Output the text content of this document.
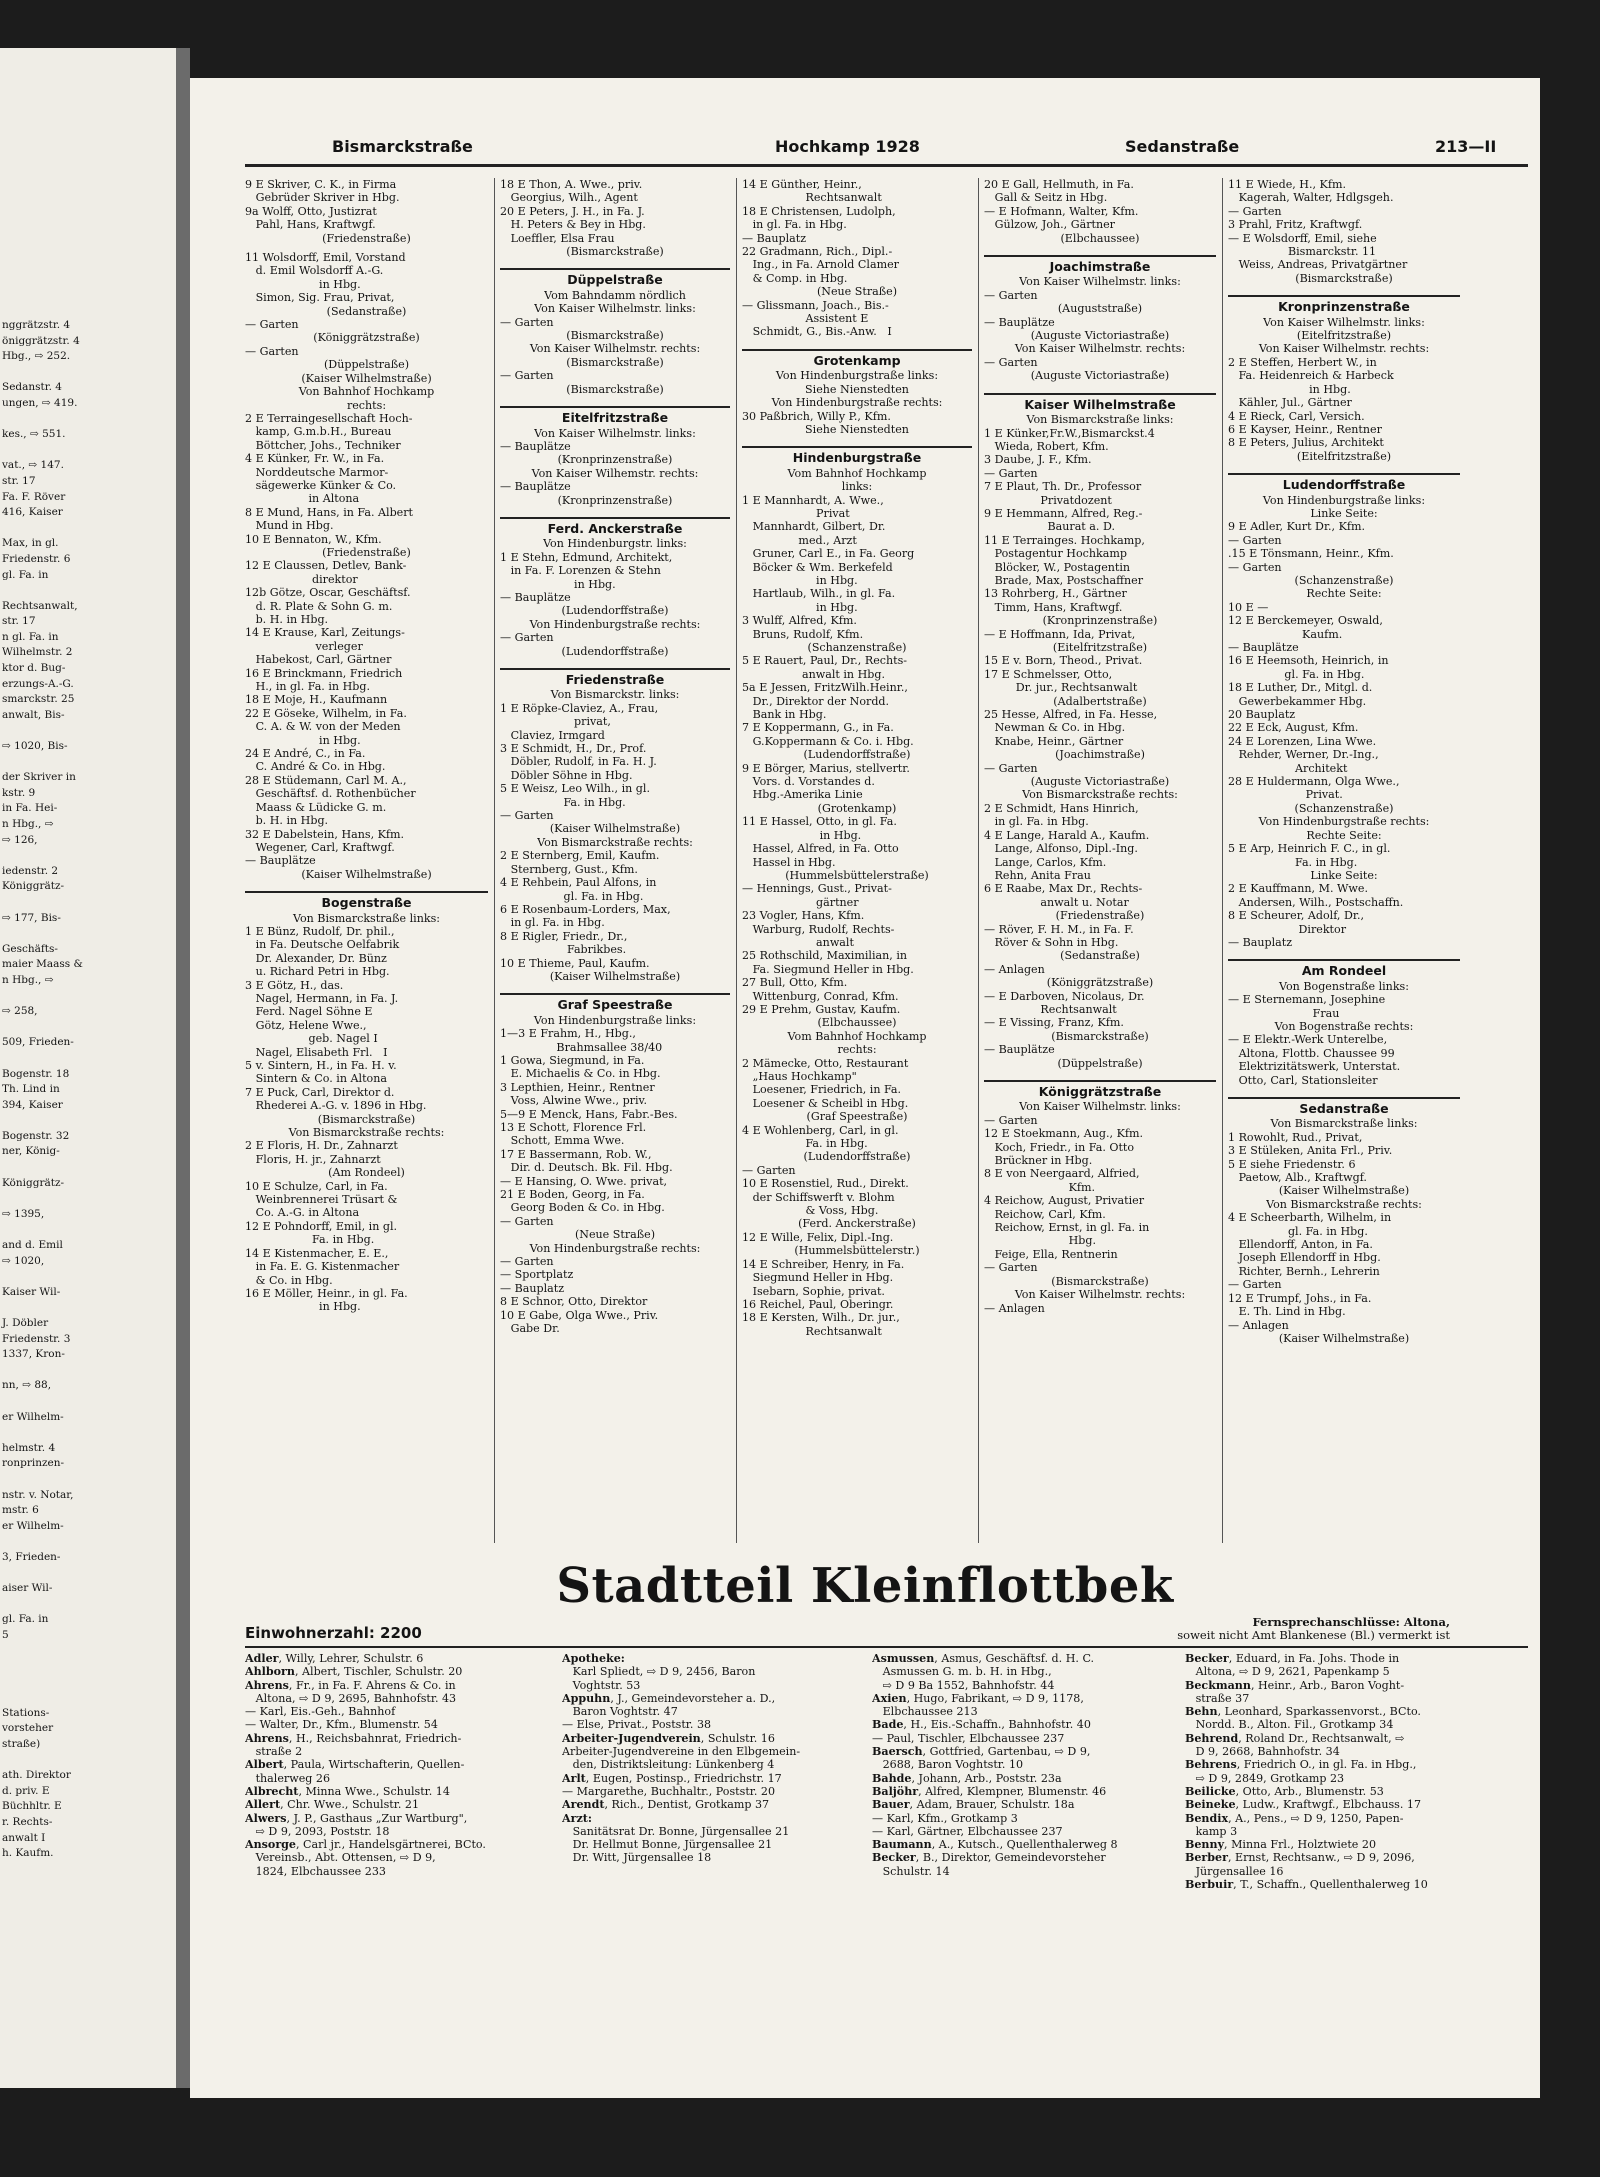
nggrätzstr. 4
öniggrätzstr. 4
Hbg., ⇨ 252.

Sedanstr. 4
ungen, ⇨ 419.

kes., ⇨ 551.

vat., ⇨ 147.
str. 17
Fa. F. Röver
416, Kaiser

Max, in gl.
Friedenstr. 6
gl. Fa. in

Rechtsanwalt,
str. 17
n gl. Fa. in
Wilhelmstr. 2
ktor d. Bug-
erzungs-A.-G.
smarckstr. 25
anwalt, Bis-

⇨ 1020, Bis-

der Skriver in
kstr. 9
in Fa. Hei-
n Hbg., ⇨
⇨ 126,

iedenstr. 2
Königgrätz-

⇨ 177, Bis-

Geschäfts-
maier Maass &
n Hbg., ⇨

⇨ 258,

509, Frieden-

Bogenstr. 18
Th. Lind in
394, Kaiser

Bogenstr. 32
ner, König-

Königgrätz-

⇨ 1395,

and d. Emil
⇨ 1020,

Kaiser Wil-

J. Döbler
Friedenstr. 3
1337, Kron-

nn, ⇨ 88,

er Wilhelm-

helmstr. 4
ronprinzen-

nstr. v. Notar,
mstr. 6
er Wilhelm-

3, Frieden-

aiser Wil-

gl. Fa. in
5

Stations-
vorsteher
straße)

ath. Direktor
d. priv. E
Büchhltr. E
r. Rechts-
anwalt I
h. Kaufm.
Bismarckstraße	Hochkamp 1928	Sedanstraße	213—II
9 E Skriver, C. K., in Firma
Gebrüder Skriver in Hbg.
9a Wolff, Otto, Justizrat
Pahl, Hans, Kraftwgf.
(Friedenstraße)

11 Wolsdorff, Emil, Vorstand
d. Emil Wolsdorff A.-G.
in Hbg.
Simon, Sig. Frau, Privat,
(Sedanstraße)
— Garten
(Königgrätzstraße)
— Garten
(Düppelstraße)
(Kaiser Wilhelmstraße)
Von Bahnhof Hochkamp
rechts:
2 E Terraingesellschaft Hoch-
kamp, G.m.b.H., Bureau
Böttcher, Johs., Techniker
4 E Künker, Fr. W., in Fa.
Norddeutsche Marmor-
sägewerke Künker & Co.
in Altona
8 E Mund, Hans, in Fa. Albert
Mund in Hbg.
10 E Bennaton, W., Kfm.
(Friedenstraße)
12 E Claussen, Detlev, Bank-
direktor
12b Götze, Oscar, Geschäftsf.
d. R. Plate & Sohn G. m.
b. H. in Hbg.
14 E Krause, Karl, Zeitungs-
verleger
Habekost, Carl, Gärtner
16 E Brinckmann, Friedrich
H., in gl. Fa. in Hbg.
18 E Moje, H., Kaufmann
22 E Göseke, Wilhelm, in Fa.
C. A. & W. von der Meden
in Hbg.
24 E André, C., in Fa.
C. André & Co. in Hbg.
28 E Stüdemann, Carl M. A.,
Geschäftsf. d. Rothenbücher
Maass & Lüdicke G. m.
b. H. in Hbg.
32 E Dabelstein, Hans, Kfm.
Wegener, Carl, Kraftwgf.
— Bauplätze
(Kaiser Wilhelmstraße)

Bogenstraße
Von Bismarckstraße links:
1 E Bünz, Rudolf, Dr. phil.,
in Fa. Deutsche Oelfabrik
Dr. Alexander, Dr. Bünz
u. Richard Petri in Hbg.
3 E Götz, H., das.
Nagel, Hermann, in Fa. J.
Ferd. Nagel Söhne E
Götz, Helene Wwe.,
geb. Nagel I
Nagel, Elisabeth Frl.   I
5 v. Sintern, H., in Fa. H. v.
Sintern & Co. in Altona
7 E Puck, Carl, Direktor d.
Rhederei A.-G. v. 1896 in Hbg.
(Bismarckstraße)
Von Bismarckstraße rechts:
2 E Floris, H. Dr., Zahnarzt
Floris, H. jr., Zahnarzt
(Am Rondeel)
10 E Schulze, Carl, in Fa.
Weinbrennerei Trüsart &
Co. A.-G. in Altona
12 E Pohndorff, Emil, in gl.
Fa. in Hbg.
14 E Kistenmacher, E. E.,
in Fa. E. G. Kistenmacher
& Co. in Hbg.
16 E Möller, Heinr., in gl. Fa.
in Hbg.
18 E Thon, A. Wwe., priv.
Georgius, Wilh., Agent
20 E Peters, J. H., in Fa. J.
H. Peters & Bey in Hbg.
Loeffler, Elsa Frau
(Bismarckstraße)

Düppelstraße
Vom Bahndamm nördlich
Von Kaiser Wilhelmstr. links:
— Garten
(Bismarckstraße)
Von Kaiser Wilhelmstr. rechts:
(Bismarckstraße)
— Garten
(Bismarckstraße)

Eitelfritzstraße
Von Kaiser Wilhelmstr. links:
— Bauplätze
(Kronprinzenstraße)
Von Kaiser Wilhemstr. rechts:
— Bauplätze
(Kronprinzenstraße)

Ferd. Anckerstraße
Von Hindenburgstr. links:
1 E Stehn, Edmund, Architekt,
in Fa. F. Lorenzen & Stehn
in Hbg.
— Bauplätze
(Ludendorffstraße)
Von Hindenburgstraße rechts:
— Garten
(Ludendorffstraße)

Friedenstraße
Von Bismarckstr. links:
1 E Röpke-Claviez, A., Frau,
privat,
Claviez, Irmgard
3 E Schmidt, H., Dr., Prof.
Döbler, Rudolf, in Fa. H. J.
Döbler Söhne in Hbg.
5 E Weisz, Leo Wilh., in gl.
Fa. in Hbg.
— Garten
(Kaiser Wilhelmstraße)
Von Bismarckstraße rechts:
2 E Sternberg, Emil, Kaufm.
Sternberg, Gust., Kfm.
4 E Rehbein, Paul Alfons, in
gl. Fa. in Hbg.
6 E Rosenbaum-Lorders, Max,
in gl. Fa. in Hbg.
8 E Rigler, Friedr., Dr.,
Fabrikbes.
10 E Thieme, Paul, Kaufm.
(Kaiser Wilhelmstraße)

Graf Speestraße
Von Hindenburgstraße links:
1—3 E Frahm, H., Hbg.,
Brahmsallee 38/40
1 Gowa, Siegmund, in Fa.
E. Michaelis & Co. in Hbg.
3 Lepthien, Heinr., Rentner
Voss, Alwine Wwe., priv.
5—9 E Menck, Hans, Fabr.-Bes.
13 E Schott, Florence Frl.
Schott, Emma Wwe.
17 E Bassermann, Rob. W.,
Dir. d. Deutsch. Bk. Fil. Hbg.
— E Hansing, O. Wwe. privat,
21 E Boden, Georg, in Fa.
Georg Boden & Co. in Hbg.
— Garten
(Neue Straße)
Von Hindenburgstraße rechts:
— Garten
— Sportplatz
— Bauplatz
8 E Schnor, Otto, Direktor
10 E Gabe, Olga Wwe., Priv.
Gabe Dr.
14 E Günther, Heinr.,
Rechtsanwalt
18 E Christensen, Ludolph,
in gl. Fa. in Hbg.
— Bauplatz
22 Gradmann, Rich., Dipl.-
Ing., in Fa. Arnold Clamer
& Comp. in Hbg.
(Neue Straße)
— Glissmann, Joach., Bis.-
Assistent E
Schmidt, G., Bis.-Anw.   I

Grotenkamp
Von Hindenburgstraße links:
Siehe Nienstedten
Von Hindenburgstraße rechts:
30 Paßbrich, Willy P., Kfm.
Siehe Nienstedten

Hindenburgstraße
Vom Bahnhof Hochkamp
links:
1 E Mannhardt, A. Wwe.,
Privat
Mannhardt, Gilbert, Dr.
med., Arzt
Gruner, Carl E., in Fa. Georg
Böcker & Wm. Berkefeld
in Hbg.
Hartlaub, Wilh., in gl. Fa.
in Hbg.
3 Wulff, Alfred, Kfm.
Bruns, Rudolf, Kfm.
(Schanzenstraße)
5 E Rauert, Paul, Dr., Rechts-
anwalt in Hbg.
5a E Jessen, FritzWilh.Heinr.,
Dr., Direktor der Nordd.
Bank in Hbg.
7 E Koppermann, G., in Fa.
G.Koppermann & Co. i. Hbg.
(Ludendorffstraße)
9 E Börger, Marius, stellvertr.
Vors. d. Vorstandes d.
Hbg.-Amerika Linie
(Grotenkamp)
11 E Hassel, Otto, in gl. Fa.
in Hbg.
Hassel, Alfred, in Fa. Otto
Hassel in Hbg.
(Hummelsbüttelerstraße)
— Hennings, Gust., Privat-
gärtner
23 Vogler, Hans, Kfm.
Warburg, Rudolf, Rechts-
anwalt
25 Rothschild, Maximilian, in
Fa. Siegmund Heller in Hbg.
27 Bull, Otto, Kfm.
Wittenburg, Conrad, Kfm.
29 E Prehm, Gustav, Kaufm.
(Elbchaussee)
Vom Bahnhof Hochkamp
rechts:
2 Mämecke, Otto, Restaurant
„Haus Hochkamp"
Loesener, Friedrich, in Fa.
Loesener & Scheibl in Hbg.
(Graf Speestraße)
4 E Wohlenberg, Carl, in gl.
Fa. in Hbg.
(Ludendorffstraße)
— Garten
10 E Rosenstiel, Rud., Direkt.
der Schiffswerft v. Blohm
& Voss, Hbg.
(Ferd. Anckerstraße)
12 E Wille, Felix, Dipl.-Ing.
(Hummelsbüttelerstr.)
14 E Schreiber, Henry, in Fa.
Siegmund Heller in Hbg.
Isebarn, Sophie, privat.
16 Reichel, Paul, Oberingr.
18 E Kersten, Wilh., Dr. jur.,
Rechtsanwalt
20 E Gall, Hellmuth, in Fa.
Gall & Seitz in Hbg.
— E Hofmann, Walter, Kfm.
Gülzow, Joh., Gärtner
(Elbchaussee)

Joachimstraße
Von Kaiser Wilhelmstr. links:
— Garten
(Auguststraße)
— Bauplätze
(Auguste Victoriastraße)
Von Kaiser Wilhelmstr. rechts:
— Garten
(Auguste Victoriastraße)

Kaiser Wilhelmstraße
Von Bismarckstraße links:
1 E Künker,Fr.W.,Bismarckst.4
Wieda, Robert, Kfm.
3 Daube, J. F., Kfm.
— Garten
7 E Plaut, Th. Dr., Professor
Privatdozent
9 E Hemmann, Alfred, Reg.-
Baurat a. D.
11 E Terrainges. Hochkamp,
Postagentur Hochkamp
Blöcker, W., Postagentin
Brade, Max, Postschaffner
13 Rohrberg, H., Gärtner
Timm, Hans, Kraftwgf.
(Kronprinzenstraße)
— E Hoffmann, Ida, Privat,
(Eitelfritzstraße)
15 E v. Born, Theod., Privat.
17 E Schmelsser, Otto,
Dr. jur., Rechtsanwalt
(Adalbertstraße)
25 Hesse, Alfred, in Fa. Hesse,
Newman & Co. in Hbg.
Knabe, Heinr., Gärtner
(Joachimstraße)
— Garten
(Auguste Victoriastraße)
Von Bismarckstraße rechts:
2 E Schmidt, Hans Hinrich,
in gl. Fa. in Hbg.
4 E Lange, Harald A., Kaufm.
Lange, Alfonso, Dipl.-Ing.
Lange, Carlos, Kfm.
Rehn, Anita Frau
6 E Raabe, Max Dr., Rechts-
anwalt u. Notar
(Friedenstraße)
— Röver, F. H. M., in Fa. F.
Röver & Sohn in Hbg.
(Sedanstraße)
— Anlagen
(Königgrätzstraße)
— E Darboven, Nicolaus, Dr.
Rechtsanwalt
— E Vissing, Franz, Kfm.
(Bismarckstraße)
— Bauplätze
(Düppelstraße)

Königgrätzstraße
Von Kaiser Wilhelmstr. links:
— Garten
12 E Stoekmann, Aug., Kfm.
Koch, Friedr., in Fa. Otto
Brückner in Hbg.
8 E von Neergaard, Alfried,
Kfm.
4 Reichow, August, Privatier
Reichow, Carl, Kfm.
Reichow, Ernst, in gl. Fa. in
Hbg.
Feige, Ella, Rentnerin
— Garten
(Bismarckstraße)
Von Kaiser Wilhelmstr. rechts:
— Anlagen
11 E Wiede, H., Kfm.
Kagerah, Walter, Hdlgsgeh.
— Garten
3 Prahl, Fritz, Kraftwgf.
— E Wolsdorff, Emil, siehe
Bismarckstr. 11
Weiss, Andreas, Privatgärtner
(Bismarckstraße)

Kronprinzenstraße
Von Kaiser Wilhelmstr. links:
(Eitelfritzstraße)
Von Kaiser Wilhelmstr. rechts:
2 E Steffen, Herbert W., in
Fa. Heidenreich & Harbeck
in Hbg.
Kähler, Jul., Gärtner
4 E Rieck, Carl, Versich.
6 E Kayser, Heinr., Rentner
8 E Peters, Julius, Architekt
(Eitelfritzstraße)

Ludendorffstraße
Von Hindenburgstraße links:
Linke Seite:
9 E Adler, Kurt Dr., Kfm.
— Garten
.15 E Tönsmann, Heinr., Kfm.
— Garten
(Schanzenstraße)
Rechte Seite:
10 E —
12 E Berckemeyer, Oswald,
Kaufm.
— Bauplätze
16 E Heemsoth, Heinrich, in
gl. Fa. in Hbg.
18 E Luther, Dr., Mitgl. d.
Gewerbekammer Hbg.
20 Bauplatz
22 E Eck, August, Kfm.
24 E Lorenzen, Lina Wwe.
Rehder, Werner, Dr.-Ing.,
Architekt
28 E Huldermann, Olga Wwe.,
Privat.
(Schanzenstraße)
Von Hindenburgstraße rechts:
Rechte Seite:
5 E Arp, Heinrich F. C., in gl.
Fa. in Hbg.
Linke Seite:
2 E Kauffmann, M. Wwe.
Andersen, Wilh., Postschaffn.
8 E Scheurer, Adolf, Dr.,
Direktor
— Bauplatz

Am Rondeel
Von Bogenstraße links:
— E Sternemann, Josephine
Frau
Von Bogenstraße rechts:
— E Elektr.-Werk Unterelbe,
Altona, Flottb. Chaussee 99
Elektrizitätswerk, Unterstat.
Otto, Carl, Stationsleiter

Sedanstraße
Von Bismarckstraße links:
1 Rowohlt, Rud., Privat,
3 E Stüleken, Anita Frl., Priv.
5 E siehe Friedenstr. 6
Paetow, Alb., Kraftwgf.
(Kaiser Wilhelmstraße)
Von Bismarckstraße rechts:
4 E Scheerbarth, Wilhelm, in
gl. Fa. in Hbg.
Ellendorff, Anton, in Fa.
Joseph Ellendorff in Hbg.
Richter, Bernh., Lehrerin
— Garten
12 E Trumpf, Johs., in Fa.
E. Th. Lind in Hbg.
— Anlagen
(Kaiser Wilhelmstraße)
Stadtteil Kleinflottbek
Einwohnerzahl: 2200
Fernsprechanschlüsse: Altona,
soweit nicht Amt Blankenese (Bl.) vermerkt ist
Adler, Willy, Lehrer, Schulstr. 6
Ahlborn, Albert, Tischler, Schulstr. 20
Ahrens, Fr., in Fa. F. Ahrens & Co. in
Altona, ⇨ D 9, 2695, Bahnhofstr. 43
— Karl, Eis.-Geh., Bahnhof
— Walter, Dr., Kfm., Blumenstr. 54
Ahrens, H., Reichsbahnrat, Friedrich-
straße 2
Albert, Paula, Wirtschafterin, Quellen-
thalerweg 26
Albrecht, Minna Wwe., Schulstr. 14
Allert, Chr. Wwe., Schulstr. 21
Alwers, J. P., Gasthaus „Zur Wartburg",
⇨ D 9, 2093, Poststr. 18
Ansorge, Carl jr., Handelsgärtnerei, BCto.
Vereinsb., Abt. Ottensen, ⇨ D 9,
1824, Elbchaussee 233
Apotheke:
Karl Spliedt, ⇨ D 9, 2456, Baron
Voghtstr. 53
Appuhn, J., Gemeindevorsteher a. D.,
Baron Voghtstr. 47
— Else, Privat., Poststr. 38
Arbeiter-Jugendverein, Schulstr. 16
Arbeiter-Jugendvereine in den Elbgemein-
den, Distriktsleitung: Lünkenberg 4
Arlt, Eugen, Postinsp., Friedrichstr. 17
— Margarethe, Buchhaltr., Poststr. 20
Arendt, Rich., Dentist, Grotkamp 37
Arzt:
Sanitätsrat Dr. Bonne, Jürgensallee 21
Dr. Hellmut Bonne, Jürgensallee 21
Dr. Witt, Jürgensallee 18
Asmussen, Asmus, Geschäftsf. d. H. C.
Asmussen G. m. b. H. in Hbg.,
⇨ D 9 Ba 1552, Bahnhofstr. 44
Axien, Hugo, Fabrikant, ⇨ D 9, 1178,
Elbchaussee 213
Bade, H., Eis.-Schaffn., Bahnhofstr. 40
— Paul, Tischler, Elbchaussee 237
Baersch, Gottfried, Gartenbau, ⇨ D 9,
2688, Baron Voghtstr. 10
Bahde, Johann, Arb., Poststr. 23a
Baljöhr, Alfred, Klempner, Blumenstr. 46
Bauer, Adam, Brauer, Schulstr. 18a
— Karl, Kfm., Grotkamp 3
— Karl, Gärtner, Elbchaussee 237
Baumann, A., Kutsch., Quellenthalerweg 8
Becker, B., Direktor, Gemeindevorsteher
Schulstr. 14
Becker, Eduard, in Fa. Johs. Thode in
Altona, ⇨ D 9, 2621, Papenkamp 5
Beckmann, Heinr., Arb., Baron Voght-
straße 37
Behn, Leonhard, Sparkassenvorst., BCto.
Nordd. B., Alton. Fil., Grotkamp 34
Behrend, Roland Dr., Rechtsanwalt, ⇨
D 9, 2668, Bahnhofstr. 34
Behrens, Friedrich O., in gl. Fa. in Hbg.,
⇨ D 9, 2849, Grotkamp 23
Beilicke, Otto, Arb., Blumenstr. 53
Beineke, Ludw., Kraftwgf., Elbchauss. 17
Bendix, A., Pens., ⇨ D 9, 1250, Papen-
kamp 3
Benny, Minna Frl., Holztwiete 20
Berber, Ernst, Rechtsanw., ⇨ D 9, 2096,
Jürgensallee 16
Berbuir, T., Schaffn., Quellenthalerweg 10
